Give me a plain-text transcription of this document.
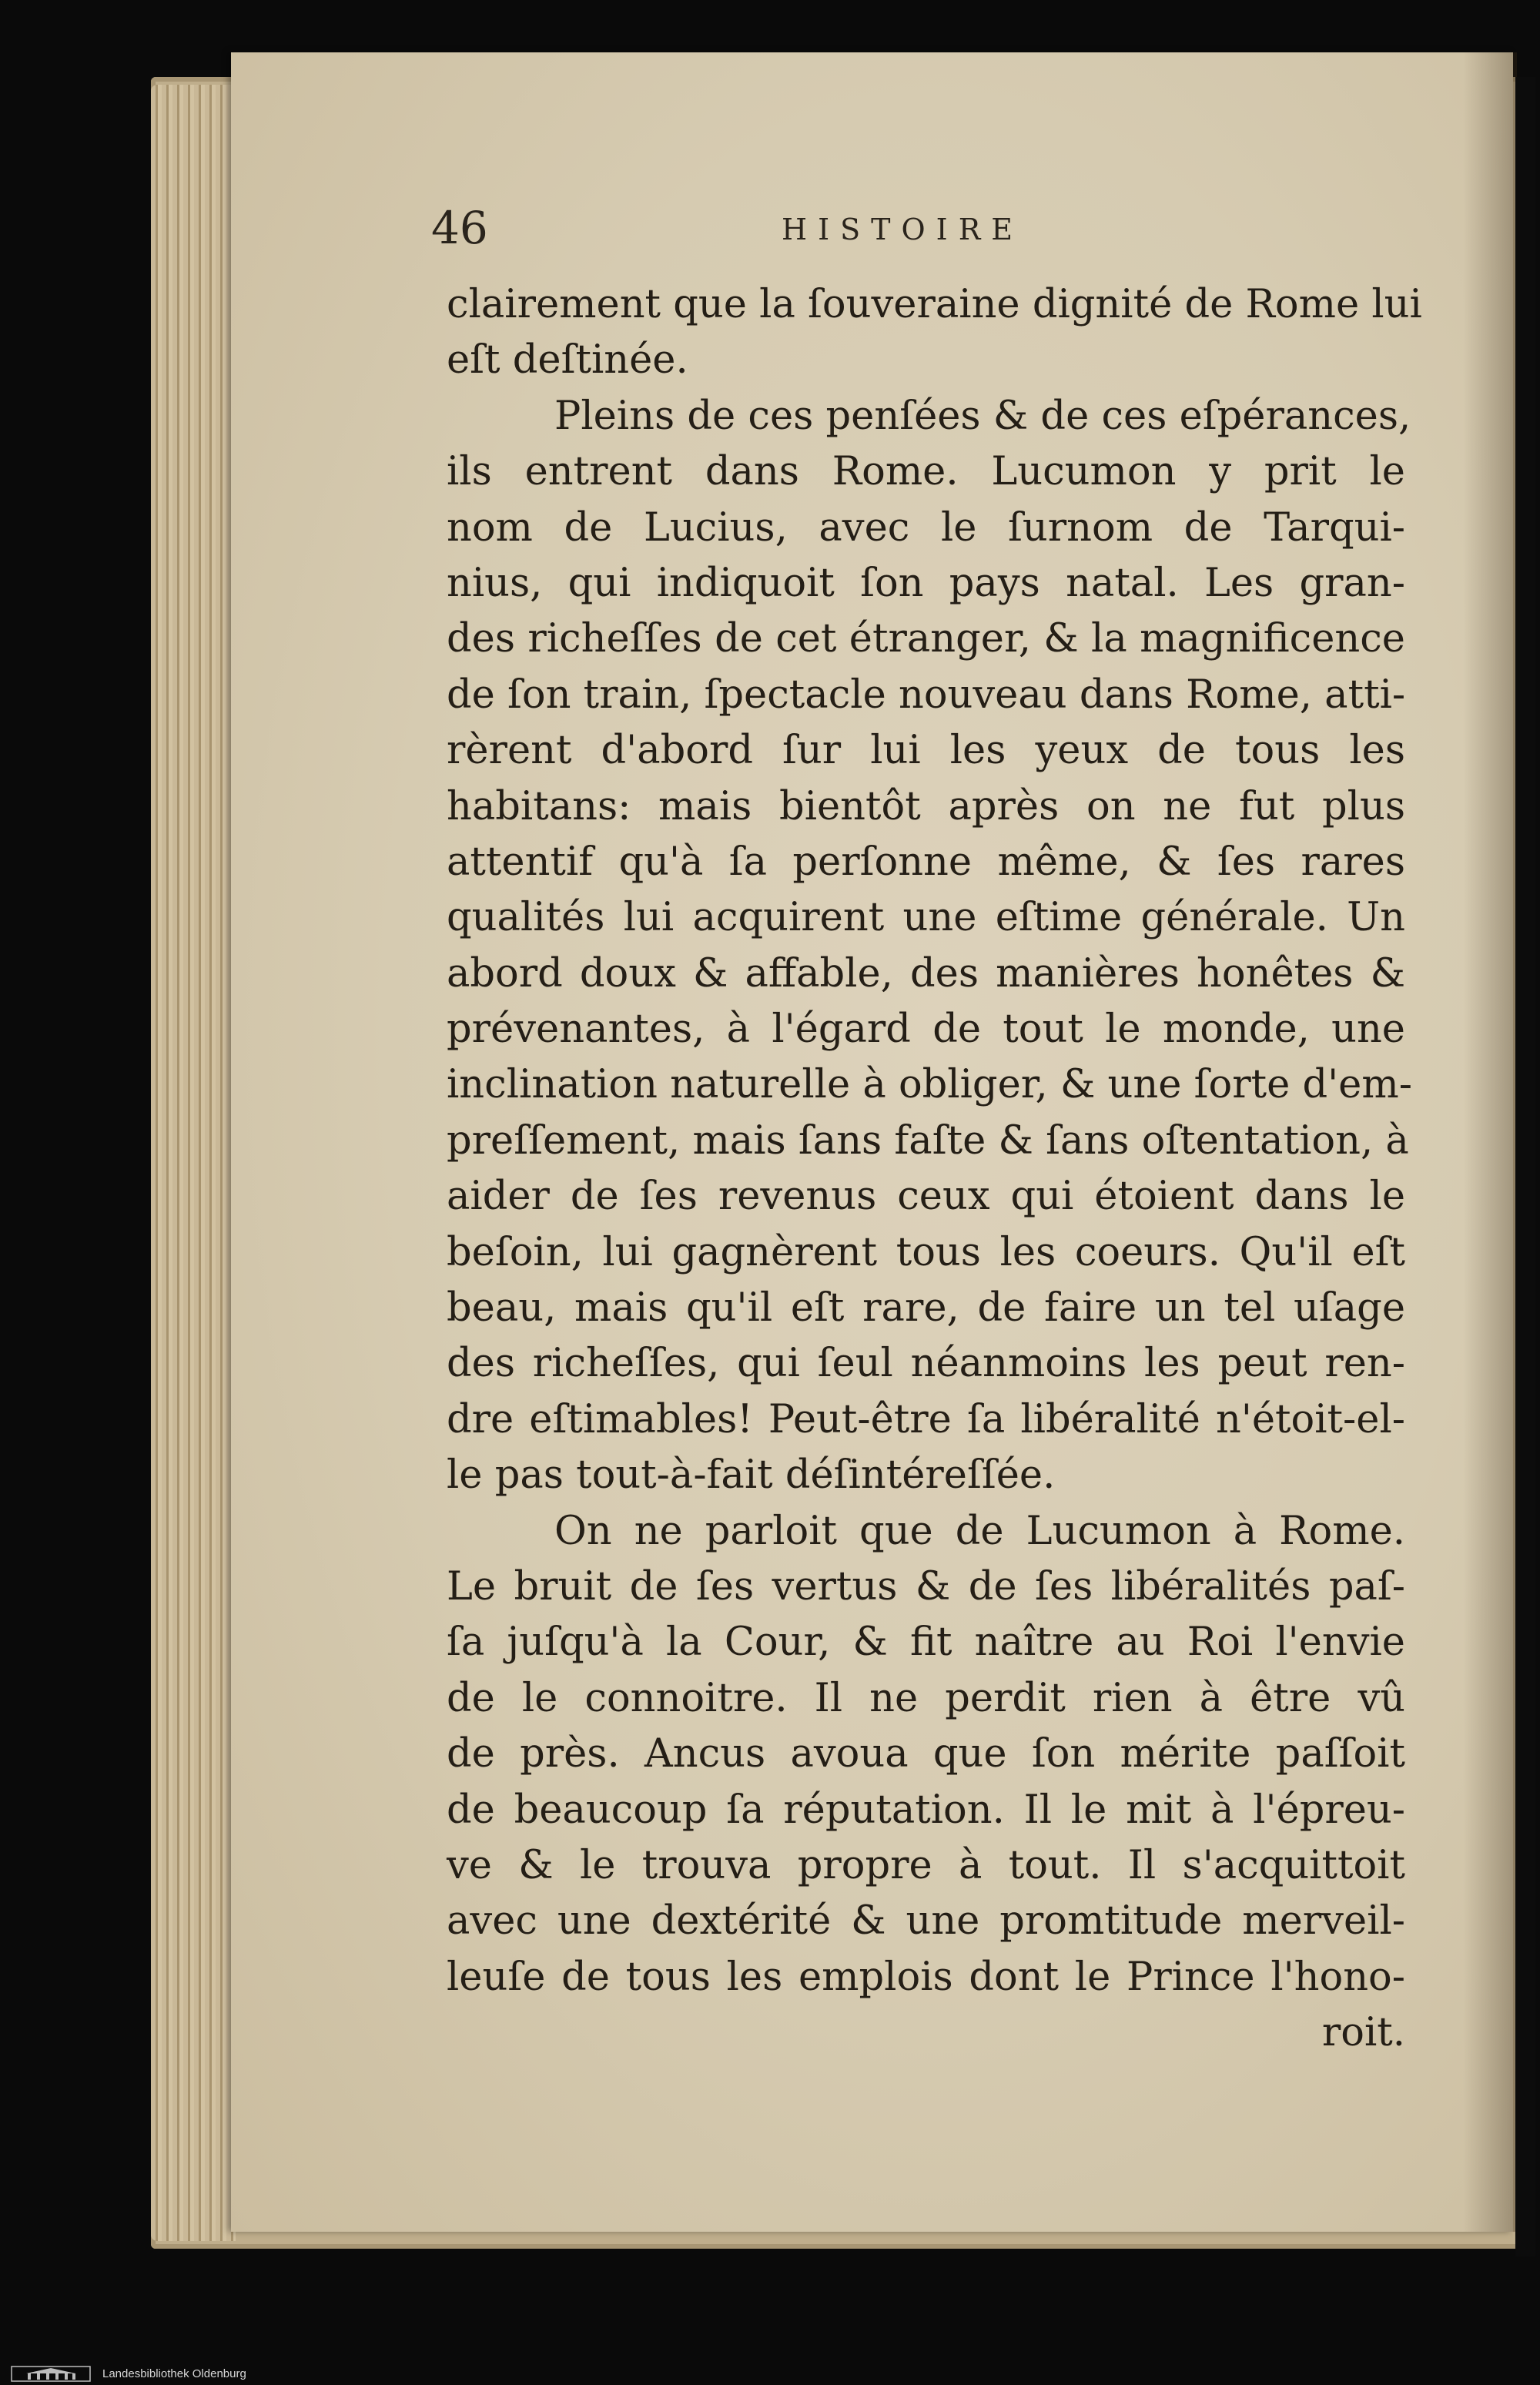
46	HISTOIRE
clairement que la ſouveraine dignité de Rome lui
eſt deſtinée.
Pleins de ces penſées & de ces eſpérances,
ils entrent dans Rome. Lucumon y prit le
nom de Lucius, avec le ſurnom de Tarqui-
nius, qui indiquoit ſon pays natal. Les gran-
des richeſſes de cet étranger, & la magnificence
de ſon train, ſpectacle nouveau dans Rome, atti-
rèrent d'abord ſur lui les yeux de tous les
habitans: mais bientôt après on ne fut plus
attentif qu'à ſa perſonne même, & ſes rares
qualités lui acquirent une eſtime générale. Un
abord doux & affable, des manières honêtes &
prévenantes, à l'égard de tout le monde, une
inclination naturelle à obliger, & une ſorte d'em-
preſſement, mais ſans faſte & ſans oſtentation, à
aider de ſes revenus ceux qui étoient dans le
beſoin, lui gagnèrent tous les coeurs. Qu'il eſt
beau, mais qu'il eſt rare, de faire un tel uſage
des richeſſes, qui ſeul néanmoins les peut ren-
dre eſtimables! Peut-être ſa libéralité n'étoit-el-
le pas tout-à-fait déſintéreſſée.
On ne parloit que de Lucumon à Rome.
Le bruit de ſes vertus & de ſes libéralités paſ-
ſa juſqu'à la Cour, & fit naître au Roi l'envie
de le connoitre. Il ne perdit rien à être vû
de près. Ancus avoua que ſon mérite paſſoit
de beaucoup ſa réputation. Il le mit à l'épreu-
ve & le trouva propre à tout. Il s'acquittoit
avec une dextérité & une promtitude merveil-
leuſe de tous les emplois dont le Prince l'hono-
roit.
Landesbibliothek Oldenburg
